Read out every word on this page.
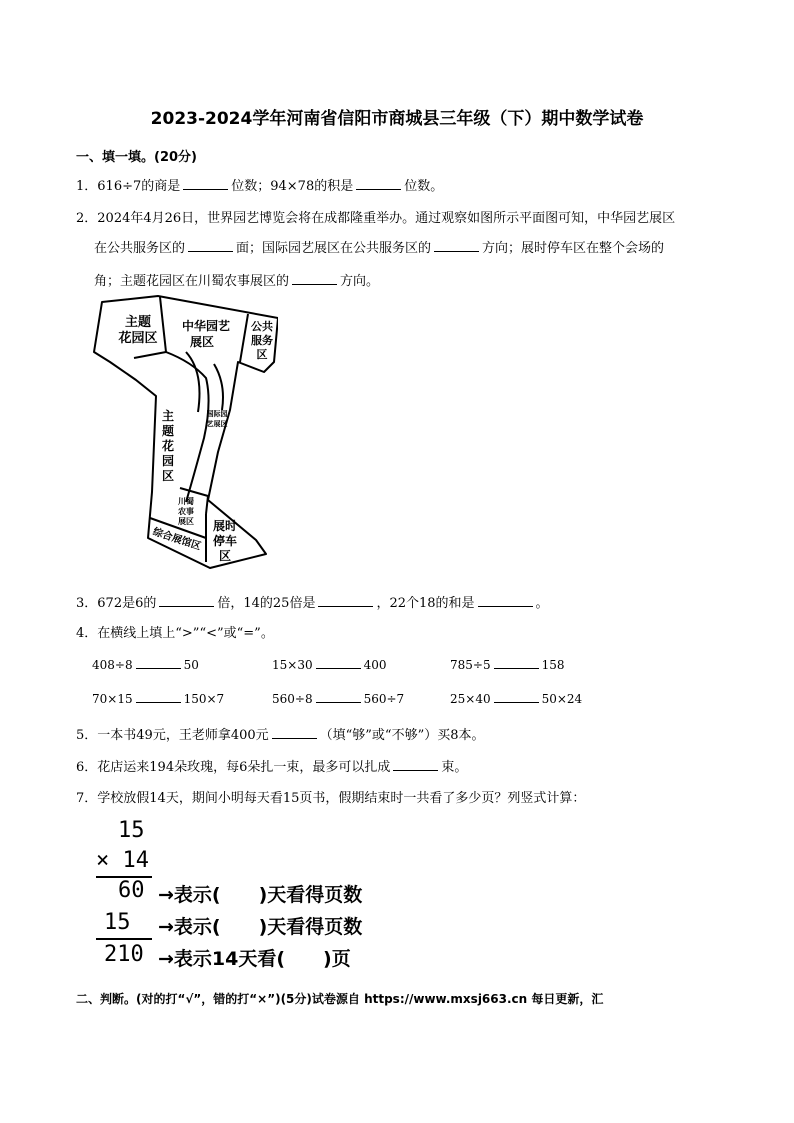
2023-2024学年河南省信阳市商城县三年级（下）期中数学试卷
一、填一填。(20分)
1．616÷7的商是	位数；94×78的积是	位数。
2．2024年4月26日，世界园艺博览会将在成都隆重举办。通过观察如图所示平面图可知，中华园艺展区
在公共服务区的	面；国际园艺展区在公共服务区的	方向；展时停车区在整个会场的
角；主题花园区在川蜀农事展区的	方向。
主题
花园区
中华园艺
展区
公共
服务
区
国际园
艺展区
主
题
花
园
区
川蜀
农事
展区 展时
停车
区
综合展馆区
3．672是6的	倍，14的25倍是	，22个18的和是	。
4．在横线上填上“>”“<”或“=”。
408÷8	50	15×30	400	785÷5	158
70×15	150×7	560÷8	560÷7	25×40	50×24
5．一本书49元，王老师拿400元	（填“够”或“不够”）买8本。
6．花店运来194朵玫瑰，每6朵扎一束，最多可以扎成	束。
7．学校放假14天，期间小明每天看15页书，假期结束时一共看了多少页？列竖式计算：
15
× 14
60 →表示(　　)天看得页数
15 →表示(　　)天看得页数
210 →表示14天看(　　)页
二、判断。(对的打“√”，错的打“×”)(5分)试卷源自 https://www.mxsj663.cn 每日更新，汇
